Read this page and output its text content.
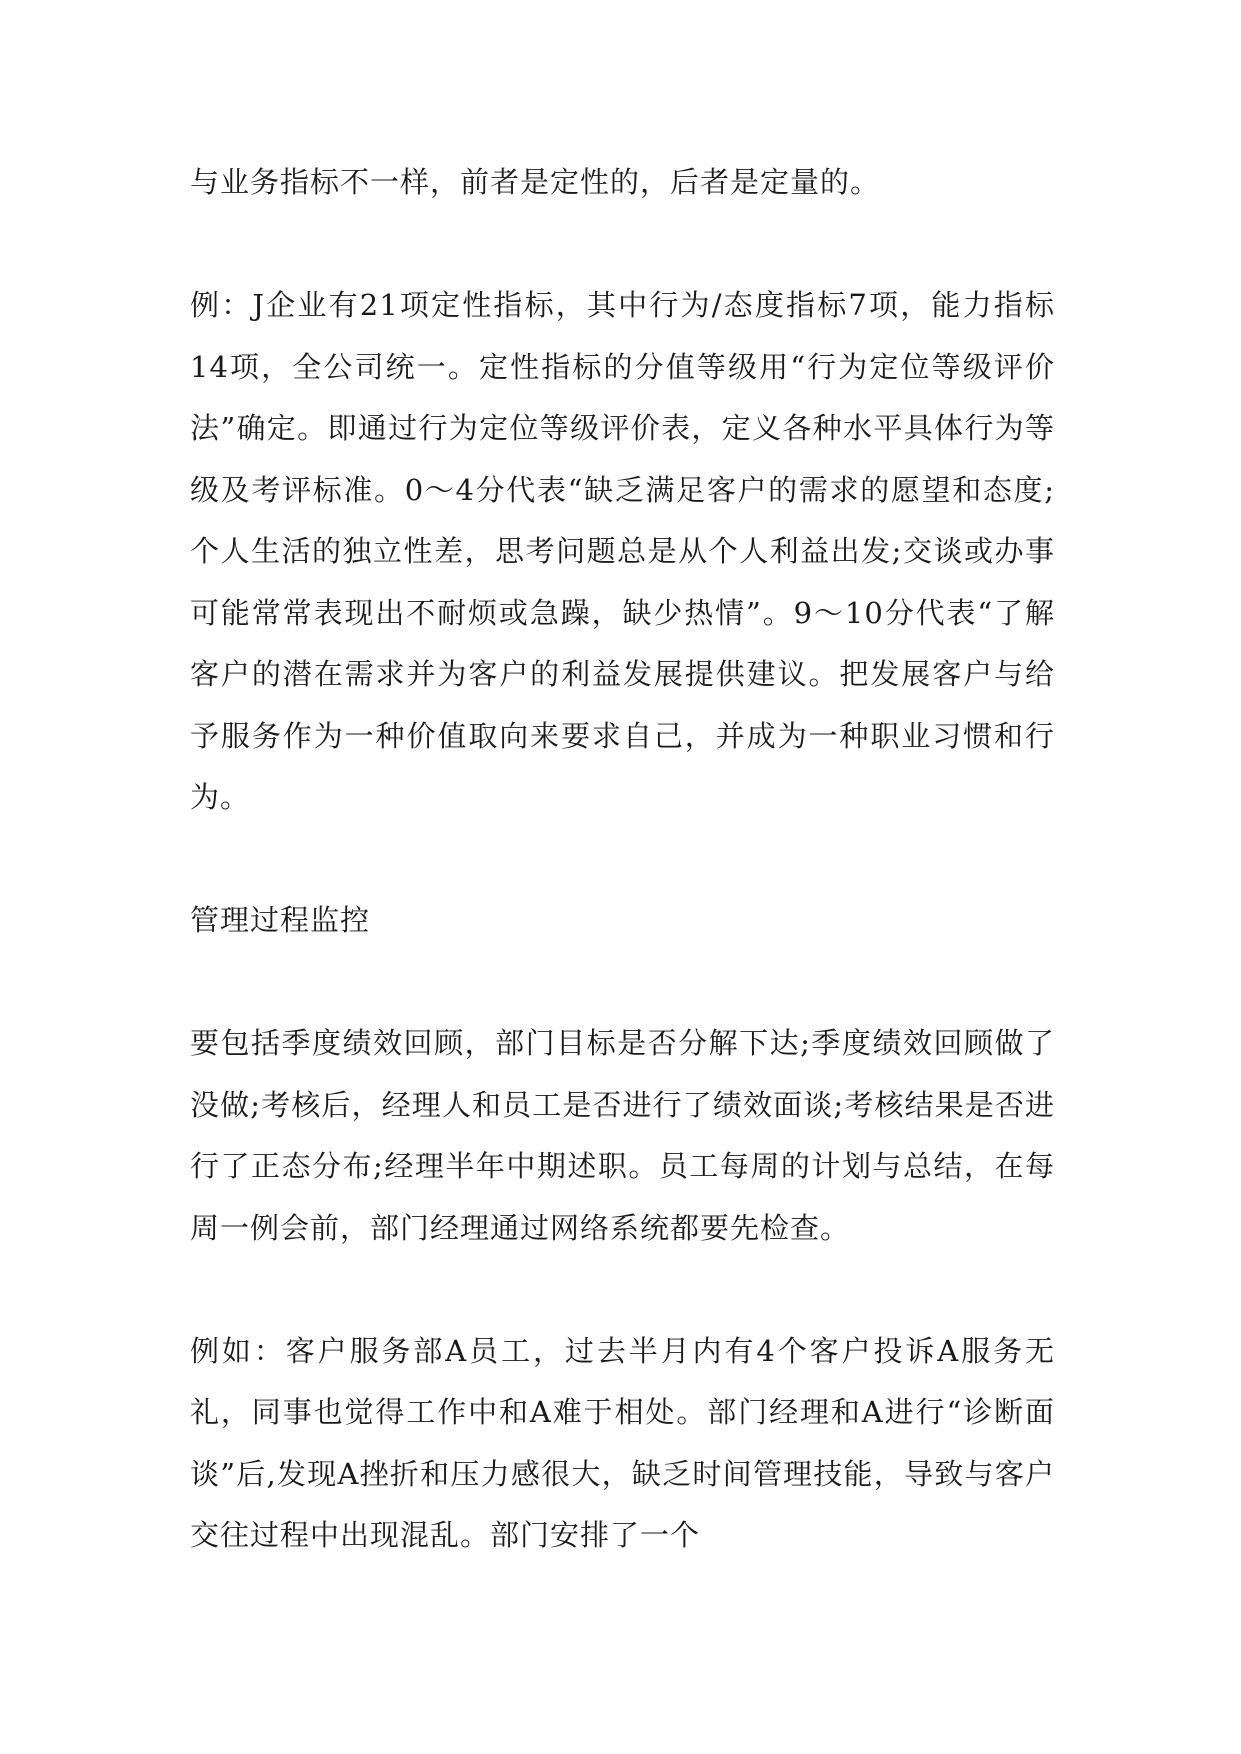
与业务指标不一样，前者是定性的，后者是定量的。

例：J企业有21项定性指标，其中行为/态度指标7项，能力指标14项，全公司统一。定性指标的分值等级用“行为定位等级评价法”确定。即通过行为定位等级评价表，定义各种水平具体行为等级及考评标准。0～4分代表“缺乏满足客户的需求的愿望和态度;个人生活的独立性差，思考问题总是从个人利益出发;交谈或办事可能常常表现出不耐烦或急躁，缺少热情”。9～10分代表“了解客户的潜在需求并为客户的利益发展提供建议。把发展客户与给予服务作为一种价值取向来要求自己，并成为一种职业习惯和行为。

管理过程监控

要包括季度绩效回顾，部门目标是否分解下达;季度绩效回顾做了没做;考核后，经理人和员工是否进行了绩效面谈;考核结果是否进行了正态分布;经理半年中期述职。员工每周的计划与总结，在每周一例会前，部门经理通过网络系统都要先检查。

例如：客户服务部A员工，过去半月内有4个客户投诉A服务无礼，同事也觉得工作中和A难于相处。部门经理和A进行“诊断面谈”后,发现A挫折和压力感很大，缺乏时间管理技能，导致与客户交往过程中出现混乱。部门安排了一个
